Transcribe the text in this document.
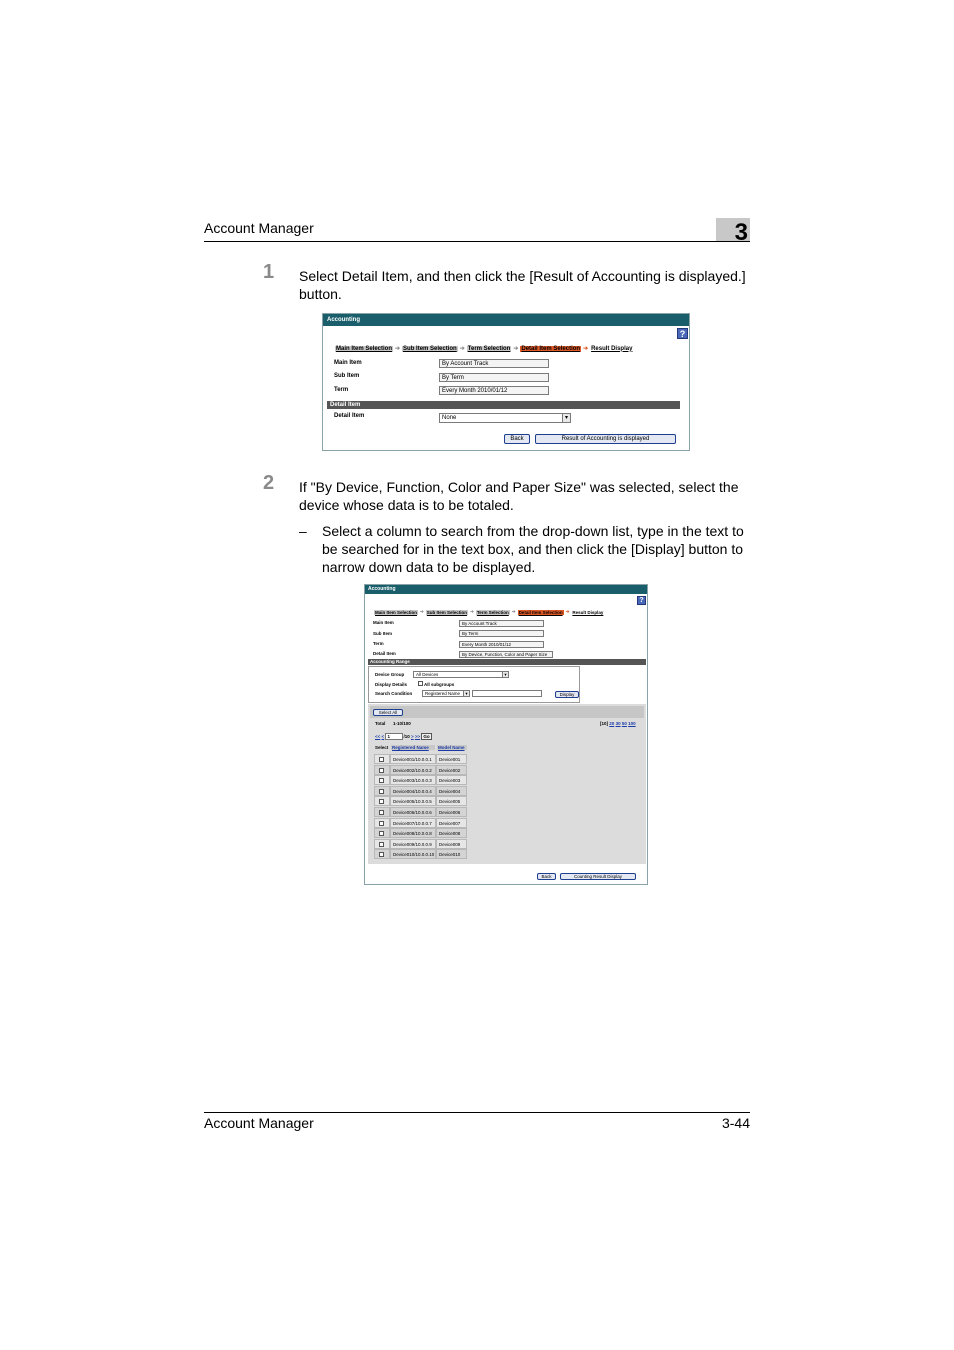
Account Manager	3
1 Select Detail Item, and then click the [Result of Accounting is displayed.] button.
Accounting
?
Main Item Selection ➔ Sub Item Selection ➔ Term Selection ➔ Detail Item Selection ➔ Result Display
Main Item	By Account Track
Sub Item	By Term
Term	Every Month 2010/01/12
Detail Item
Detail Item	None	▾
Back	Result of Accounting is displayed
2 If "By Device, Function, Color and Paper Size" was selected, select the device whose data is to be totaled.
– Select a column to search from the drop-down list, type in the text to be searched for in the text box, and then click the [Display] button to narrow down data to be displayed.
Accounting
?
Main Item Selection ➔ Sub Item Selection ➔ Term Selection ➔ Detail Item Selection ➔ Result Display
Main Item	By Account Track
Sub Item	By Term
Term	Every Month 2010/01/12
Detail Item	By Device, Function, Color and Paper Size
Accounting Range
Device Group	All Devices	▾
Display Details	All subgroups
Search Condition	Registered Name	▾	Display
Select All
Total 1-10/100	[10] 20 30 50 100
<<
<
1	/10
>
>>
Go
Select Registered Name	Model Name
Device001/10.0.0.1	Device001
Device002/10.0.0.2	Device002
Device003/10.0.0.3	Device003
Device004/10.0.0.4	Device004
Device005/10.0.0.5	Device005
Device006/10.0.0.6	Device006
Device007/10.0.0.7	Device007
Device008/10.0.0.8	Device008
Device009/10.0.0.9	Device009
Device010/10.0.0.10	Device010
Back	Counting Result Display
Account Manager	3-44
